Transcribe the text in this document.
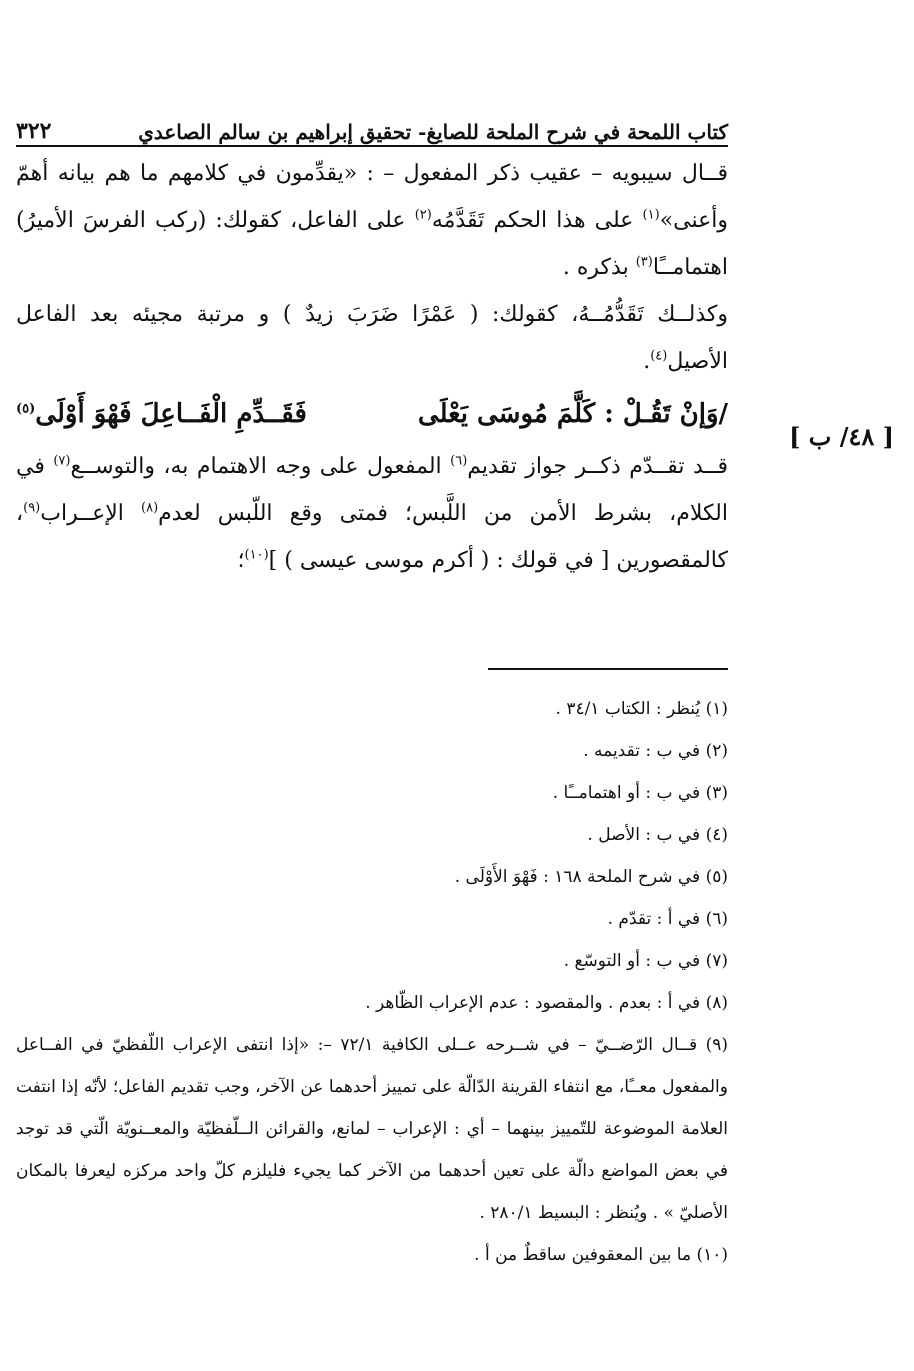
كتاب اللمحة في شرح الملحة للصايغ- تحقيق إبراهيم بن سالم الصاعدي
٣٢٢
[ ٤٨/ ب ]

قــال سيبويه – عقيب ذكر المفعول – : «يقدِّمون في كلامهم ما هم بيانه أهمّ وأعنى»$^{(١)}$ على هذا الحكم تَقَدَّمُه$^{(٢)}$ على الفاعل، كقولك: (ركب الفرسَ الأميرُ) اهتمامــًا$^{(٣)}$ بذكره .

وكذلــك تَقَدُّمُــهُ، كقولك: ( عَمْرًا ضَرَبَ زيدٌ ) و مرتبة مجيئه بعد الفاعل الأصيل$^{(٤)}$.

/وَإنْ تَقُـلْ : كَلَّمَ مُوسَى يَعْلَى
فَقَــدِّمِ الْفَــاعِلَ فَهْوَ أَوْلَى$^{(٥)}$

قــد تقــدّم ذكــر جواز تقديم$^{(٦)}$ المفعول على وجه الاهتمام به، والتوســع$^{(٧)}$ في الكلام، بشرط الأمن من اللَّبس؛ فمتى وقع اللّبس لعدم$^{(٨)}$ الإعــراب$^{(٩)}$، كالمقصورين [ في قولك : ( أكرم موسى عيسى ) ]$^{(١٠)}$؛

(١) يُنظر : الكتاب ٣٤/١ .

(٢) في ب : تقديمه .

(٣) في ب : أو اهتمامــًا .

(٤) في ب : الأصل .

(٥) في شرح الملحة ١٦٨ : فَهْوَ الأَوْلَى .

(٦) في أ : تقدّم .

(٧) في ب : أو التوسّع .

(٨) في أ : بعدم . والمقصود : عدم الإعراب الظّاهر .

(٩) قــال الرّضــيّ – في شــرحه عــلى الكافية ٧٢/١ –: «إذا انتفى الإعراب اللّفظيّ في الفــاعل والمفعول معــًا، مع انتفاء القرينة الدّالّة على تمييز أحدهما عن الآخر، وجب تقديم الفاعل؛ لأنّه إذا انتفت العلامة الموضوعة للتّمييز بينهما – أي : الإعراب – لمانع، والقرائن الــلّفظيّة والمعــنويّة الّتي قد توجد في بعض المواضع دالّة على تعين أحدهما من الآخر كما يجيء فليلزم كلّ واحد مركزه ليعرفا بالمكان الأصليّ » . ويُنظر : البسيط ٢٨٠/١ .

(١٠) ما بين المعقوفين ساقطٌ من أ .
